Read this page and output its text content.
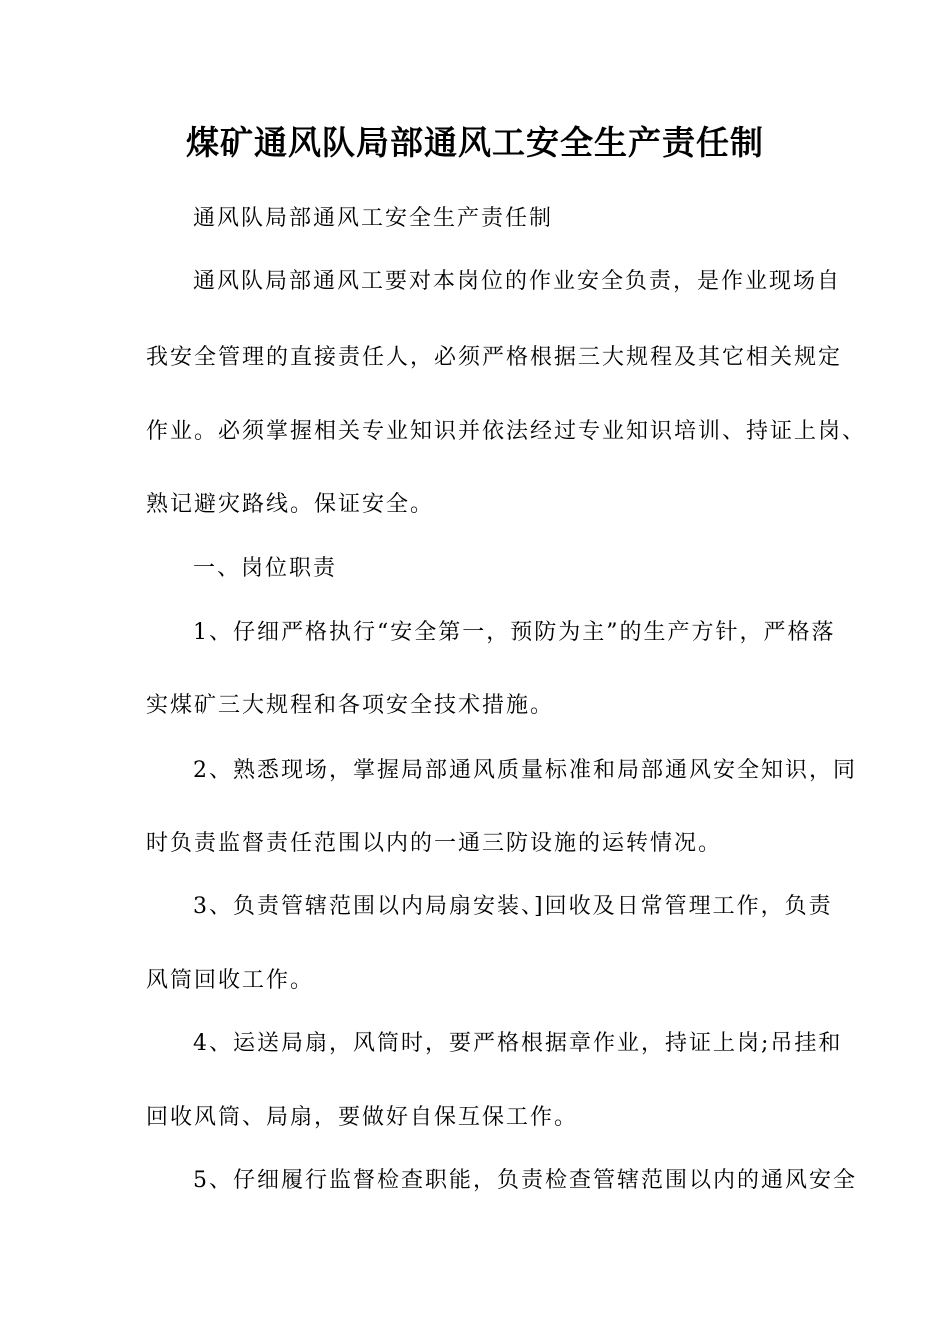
煤矿通风队局部通风工安全生产责任制
通风队局部通风工安全生产责任制
通风队局部通风工要对本岗位的作业安全负责，是作业现场自
我安全管理的直接责任人，必须严格根据三大规程及其它相关规定
作业。必须掌握相关专业知识并依法经过专业知识培训、持证上岗、
熟记避灾路线。保证安全。
一、岗位职责
1、仔细严格执行“安全第一，预防为主”的生产方针，严格落
实煤矿三大规程和各项安全技术措施。
2、熟悉现场，掌握局部通风质量标准和局部通风安全知识，同
时负责监督责任范围以内的一通三防设施的运转情况。
3、负责管辖范围以内局扇安装、]回收及日常管理工作，负责
风筒回收工作。
4、运送局扇，风筒时，要严格根据章作业，持证上岗;吊挂和
回收风筒、局扇，要做好自保互保工作。
5、仔细履行监督检查职能，负责检查管辖范围以内的通风安全
